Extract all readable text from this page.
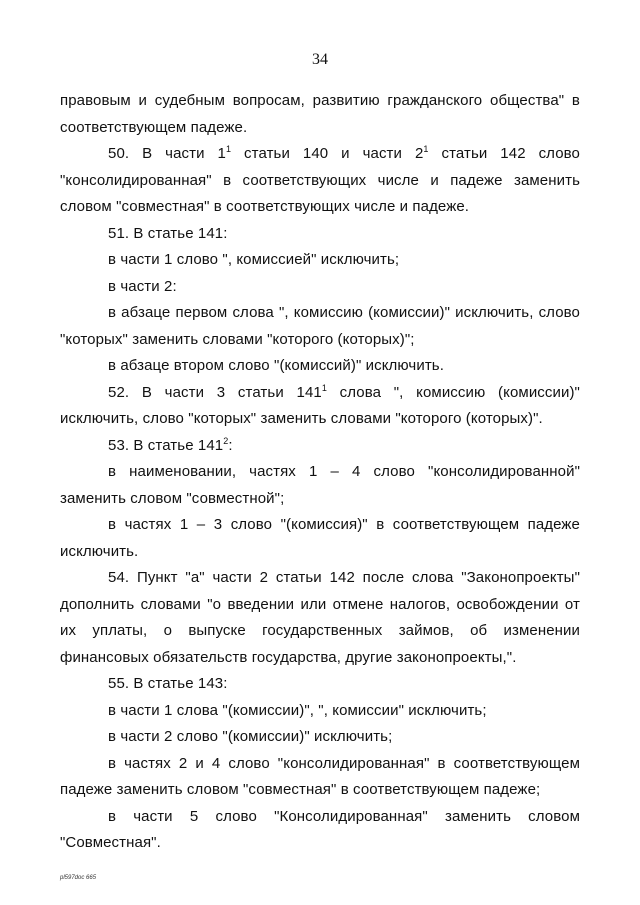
34

правовым и судебным вопросам, развитию гражданского общества" в соответствующем падеже.

50. В части $1^1$ статьи 140 и части $2^1$ статьи 142 слово "консолидированная" в соответствующих числе и падеже заменить словом "совместная" в соответствующих числе и падеже.

51. В статье 141:

в части 1 слово ", комиссией" исключить;

в части 2:

в абзаце первом слова ", комиссию (комиссии)" исключить, слово "которых" заменить словами "которого (которых)";

в абзаце втором слово "(комиссий)" исключить.

52. В части 3 статьи $141^1$ слова ", комиссию (комиссии)" исключить, слово "которых" заменить словами "которого (которых)".

53. В статье $141^2$:

в наименовании, частях 1 – 4 слово "консолидированной" заменить словом "совместной";

в частях 1 – 3 слово "(комиссия)" в соответствующем падеже исключить.

54. Пункт "а" части 2 статьи 142 после слова "Законопроекты" дополнить словами "о введении или отмене налогов, освобождении от их уплаты, о выпуске государственных займов, об изменении финансовых обязательств государства, другие законопроекты,".

55. В статье 143:

в части 1 слова "(комиссии)", ", комиссии" исключить;

в части 2 слово "(комиссии)" исключить;

в частях 2 и 4 слово "консолидированная" в соответствующем падеже заменить словом "совместная" в соответствующем падеже;

в части 5 слово "Консолидированная" заменить словом "Совместная".

pl597doc 665
